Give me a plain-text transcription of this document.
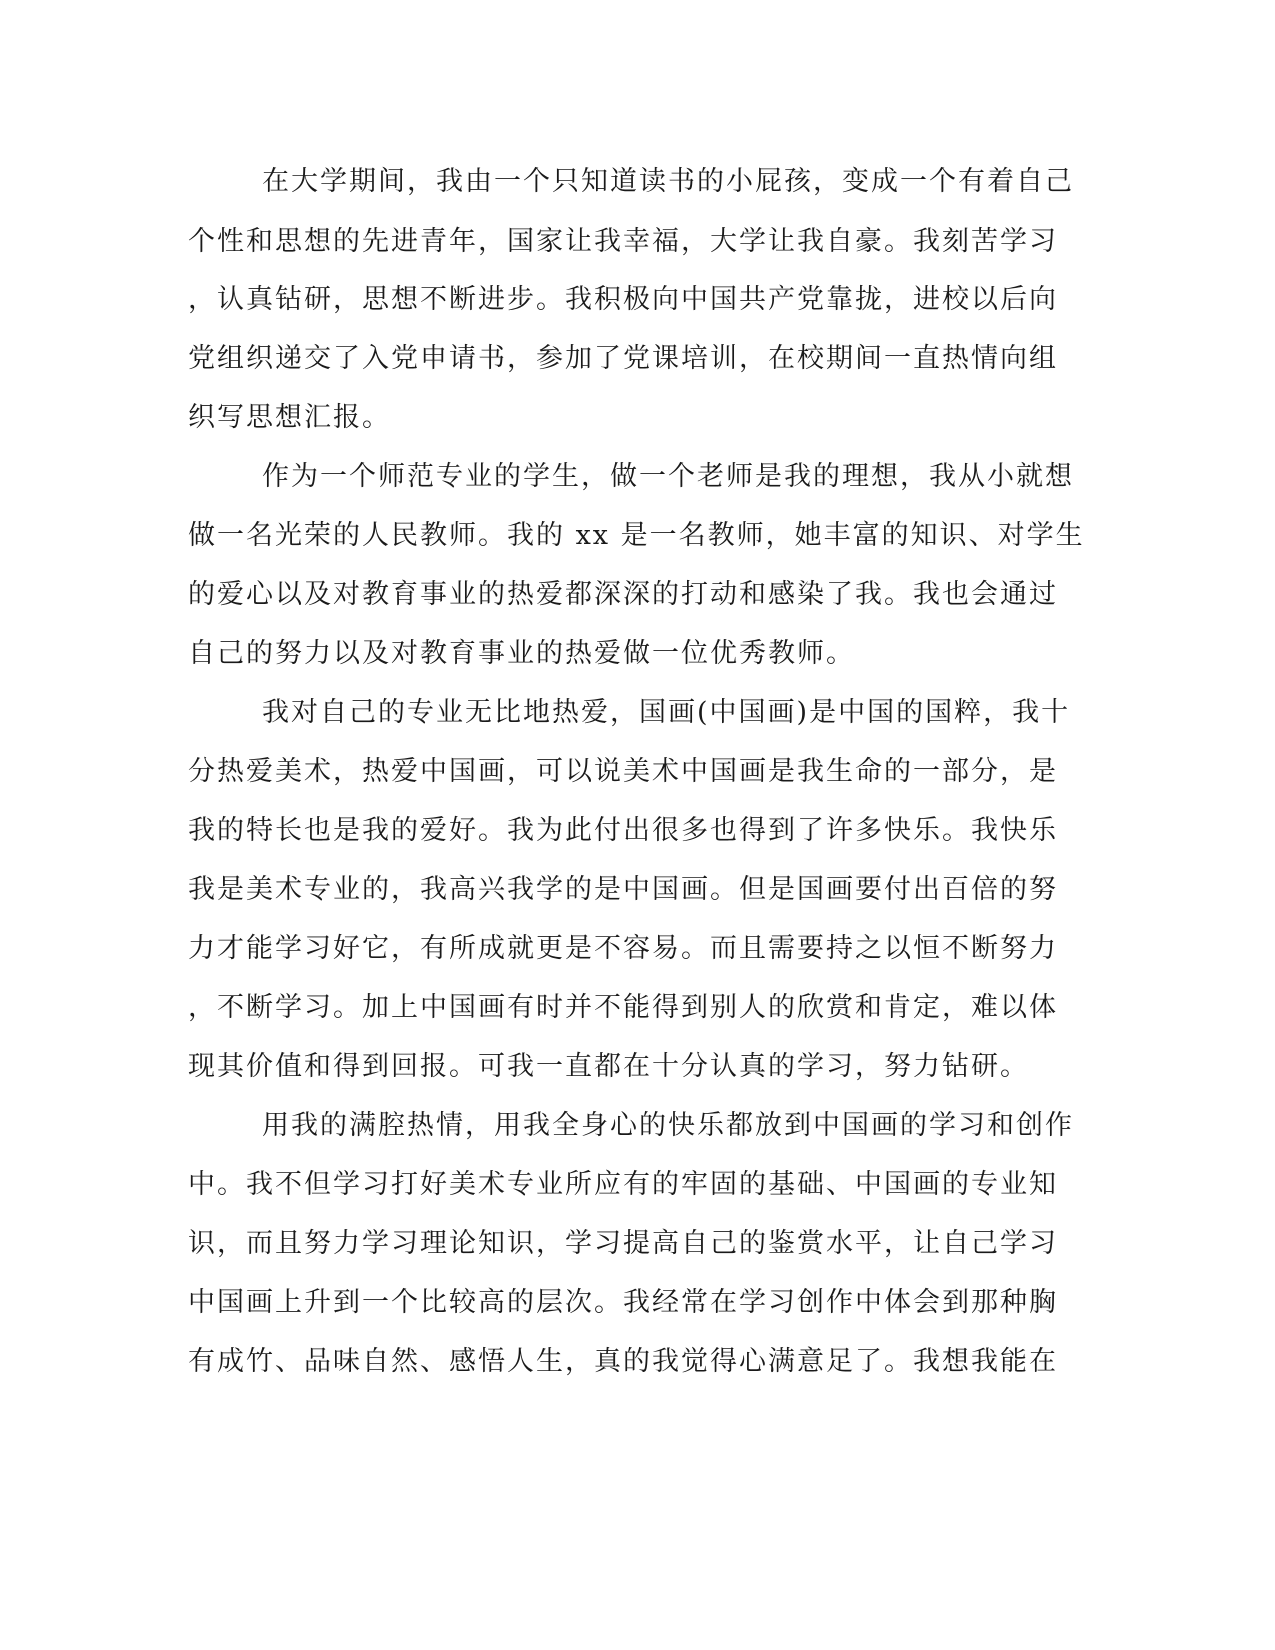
在大学期间，我由一个只知道读书的小屁孩，变成一个有着自己
个性和思想的先进青年，国家让我幸福，大学让我自豪。我刻苦学习
，认真钻研，思想不断进步。我积极向中国共产党靠拢，进校以后向
党组织递交了入党申请书，参加了党课培训，在校期间一直热情向组
织写思想汇报。
作为一个师范专业的学生，做一个老师是我的理想，我从小就想
做一名光荣的人民教师。我的 xx 是一名教师，她丰富的知识、对学生
的爱心以及对教育事业的热爱都深深的打动和感染了我。我也会通过
自己的努力以及对教育事业的热爱做一位优秀教师。
我对自己的专业无比地热爱，国画(中国画)是中国的国粹，我十
分热爱美术，热爱中国画，可以说美术中国画是我生命的一部分，是
我的特长也是我的爱好。我为此付出很多也得到了许多快乐。我快乐
我是美术专业的，我高兴我学的是中国画。但是国画要付出百倍的努
力才能学习好它，有所成就更是不容易。而且需要持之以恒不断努力
，不断学习。加上中国画有时并不能得到别人的欣赏和肯定，难以体
现其价值和得到回报。可我一直都在十分认真的学习，努力钻研。
用我的满腔热情，用我全身心的快乐都放到中国画的学习和创作
中。我不但学习打好美术专业所应有的牢固的基础、中国画的专业知
识，而且努力学习理论知识，学习提高自己的鉴赏水平，让自己学习
中国画上升到一个比较高的层次。我经常在学习创作中体会到那种胸
有成竹、品味自然、感悟人生，真的我觉得心满意足了。我想我能在
